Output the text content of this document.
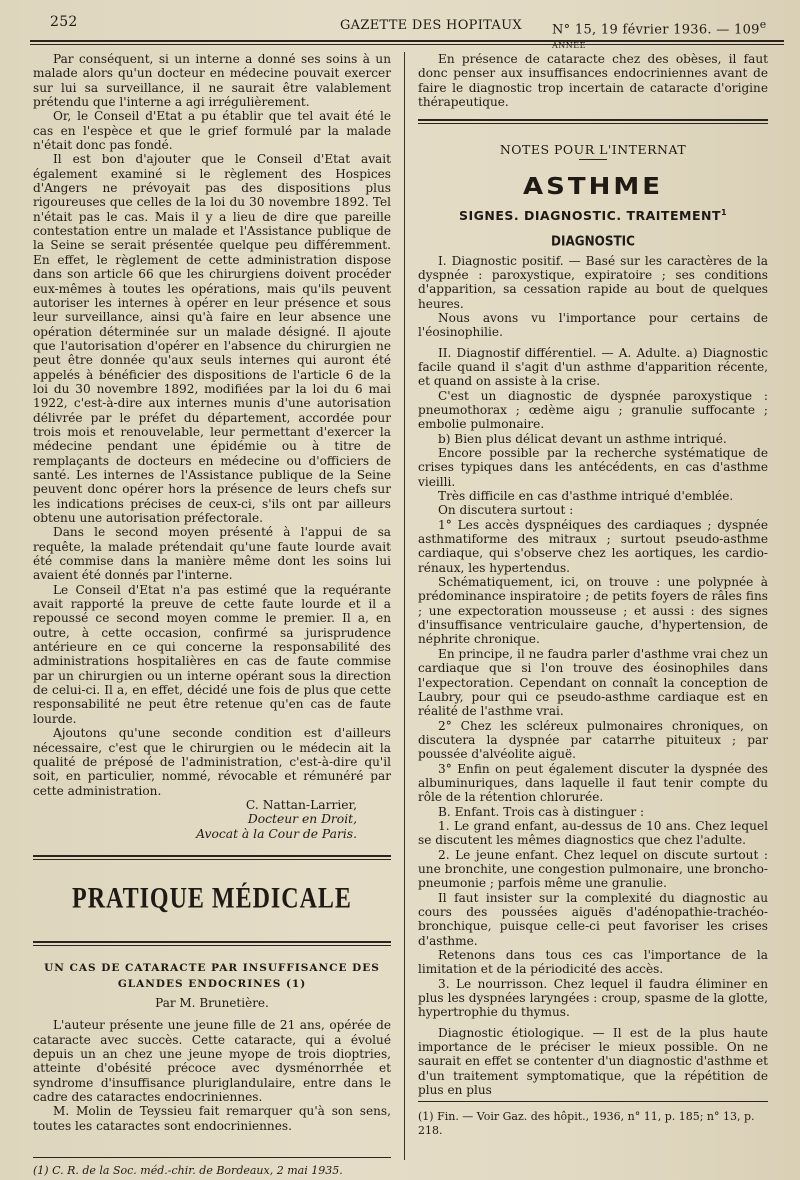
252	GAZETTE DES HOPITAUX N° 15, 19 février 1936. — 109e ANNÉE

Par conséquent, si un interne a donné ses soins à un malade alors qu'un docteur en médecine pouvait exercer sur lui sa surveillance, il ne saurait être valablement prétendu que l'interne a agi irrégulièrement.

Or, le Conseil d'Etat a pu établir que tel avait été le cas en l'espèce et que le grief formulé par la malade n'était donc pas fondé.

Il est bon d'ajouter que le Conseil d'Etat avait également examiné si le règlement des Hospices d'Angers ne prévoyait pas des dispositions plus rigoureuses que celles de la loi du 30 novembre 1892. Tel n'était pas le cas. Mais il y a lieu de dire que pareille contestation entre un malade et l'Assistance publique de la Seine se serait présentée quelque peu différemment. En effet, le règlement de cette administration dispose dans son article 66 que les chirurgiens doivent procéder eux-mêmes à toutes les opérations, mais qu'ils peuvent autoriser les internes à opérer en leur présence et sous leur surveillance, ainsi qu'à faire en leur absence une opération déterminée sur un malade désigné. Il ajoute que l'autorisation d'opérer en l'absence du chirurgien ne peut être donnée qu'aux seuls internes qui auront été appelés à bénéficier des dispositions de l'article 6 de la loi du 30 novembre 1892, modifiées par la loi du 6 mai 1922, c'est-à-dire aux internes munis d'une autorisation délivrée par le préfet du département, accordée pour trois mois et renouvelable, leur permettant d'exercer la médecine pendant une épidémie ou à titre de remplaçants de docteurs en médecine ou d'officiers de santé. Les internes de l'Assistance publique de la Seine peuvent donc opérer hors la présence de leurs chefs sur les indications précises de ceux-ci, s'ils ont par ailleurs obtenu une autorisation préfectorale.

Dans le second moyen présenté à l'appui de sa requête, la malade prétendait qu'une faute lourde avait été commise dans la manière même dont les soins lui avaient été donnés par l'interne.

Le Conseil d'Etat n'a pas estimé que la requérante avait rapporté la preuve de cette faute lourde et il a repoussé ce second moyen comme le premier. Il a, en outre, à cette occasion, confirmé sa jurisprudence antérieure en ce qui concerne la responsabilité des administrations hospitalières en cas de faute commise par un chirurgien ou un interne opérant sous la direction de celui-ci. Il a, en effet, décidé une fois de plus que cette responsabilité ne peut être retenue qu'en cas de faute lourde.

Ajoutons qu'une seconde condition est d'ailleurs nécessaire, c'est que le chirurgien ou le médecin ait la qualité de préposé de l'administration, c'est-à-dire qu'il soit, en particulier, nommé, révocable et rémunéré par cette administration.

C. Nattan-Larrier,
Docteur en Droit,
Avocat à la Cour de Paris.
PRATIQUE MÉDICALE
UN CAS DE CATARACTE PAR INSUFFISANCE DES GLANDES ENDOCRINES (1)
Par M. Brunetière.

L'auteur présente une jeune fille de 21 ans, opérée de cataracte avec succès. Cette cataracte, qui a évolué depuis un an chez une jeune myope de trois dioptries, atteinte d'obésité précoce avec dysménorrhée et syndrome d'insuffisance pluriglandulaire, entre dans le cadre des cataractes endocriniennes.

M. Molin de Teyssieu fait remarquer qu'à son sens, toutes les cataractes sont endocriniennes.

(1) C. R. de la Soc. méd.-chir. de Bordeaux, 2 mai 1935.

En présence de cataracte chez des obèses, il faut donc penser aux insuffisances endocriniennes avant de faire le diagnostic trop incertain de cataracte d'origine thérapeutique.

NOTES POUR L'INTERNAT
ASTHME
SIGNES. DIAGNOSTIC. TRAITEMENT$^1$
DIAGNOSTIC

I. Diagnostic positif. — Basé sur les caractères de la dyspnée : paroxystique, expiratoire ; ses conditions d'apparition, sa cessation rapide au bout de quelques heures.

Nous avons vu l'importance pour certains de l'éosinophilie.

II. Diagnostif différentiel. — A. Adulte. a) Diagnostic facile quand il s'agit d'un asthme d'apparition récente, et quand on assiste à la crise.

C'est un diagnostic de dyspnée paroxystique : pneumothorax ; œdème aigu ; granulie suffocante ; embolie pulmonaire.

b) Bien plus délicat devant un asthme intriqué.

Encore possible par la recherche systématique de crises typiques dans les antécédents, en cas d'asthme vieilli.

Très difficile en cas d'asthme intriqué d'emblée.

On discutera surtout :

1° Les accès dyspnéiques des cardiaques ; dyspnée asthmatiforme des mitraux ; surtout pseudo-asthme cardiaque, qui s'observe chez les aortiques, les cardio-rénaux, les hypertendus.

Schématiquement, ici, on trouve : une polypnée à prédominance inspiratoire ; de petits foyers de râles fins ; une expectoration mousseuse ; et aussi : des signes d'insuffisance ventriculaire gauche, d'hypertension, de néphrite chronique.

En principe, il ne faudra parler d'asthme vrai chez un cardiaque que si l'on trouve des éosinophiles dans l'expectoration. Cependant on connaît la conception de Laubry, pour qui ce pseudo-asthme cardiaque est en réalité de l'asthme vrai.

2° Chez les scléreux pulmonaires chroniques, on discutera la dyspnée par catarrhe pituiteux ; par poussée d'alvéolite aiguë.

3° Enfin on peut également discuter la dyspnée des albuminuriques, dans laquelle il faut tenir compte du rôle de la rétention chlorurée.

B. Enfant. Trois cas à distinguer :

1. Le grand enfant, au-dessus de 10 ans. Chez lequel se discutent les mêmes diagnostics que chez l'adulte.

2. Le jeune enfant. Chez lequel on discute surtout : une bronchite, une congestion pulmonaire, une broncho-pneumonie ; parfois même une granulie.

Il faut insister sur la complexité du diagnostic au cours des poussées aiguës d'adénopathie-trachéo-bronchique, puisque celle-ci peut favoriser les crises d'asthme.

Retenons dans tous ces cas l'importance de la limitation et de la périodicité des accès.

3. Le nourrisson. Chez lequel il faudra éliminer en plus les dyspnées laryngées : croup, spasme de la glotte, hypertrophie du thymus.

Diagnostic étiologique. — Il est de la plus haute importance de le préciser le mieux possible. On ne saurait en effet se contenter d'un diagnostic d'asthme et d'un traitement symptomatique, que la répétition de plus en plus

(1) Fin. — Voir Gaz. des hôpit., 1936, n° 11, p. 185; n° 13, p. 218.
